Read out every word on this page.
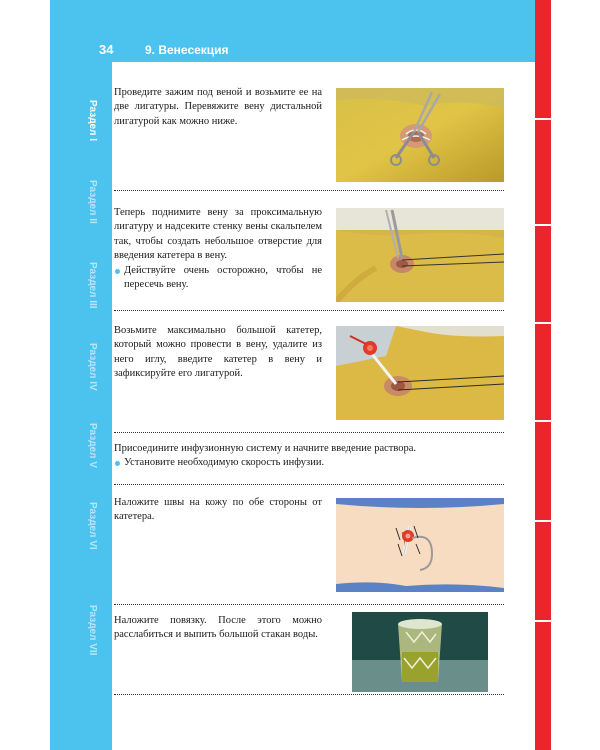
34	9. Венесекция
Раздел I
Раздел II
Раздел III
Раздел IV
Раздел V
Раздел VI
Раздел VII

Проведите зажим под веной и возьмите ее на две лигатуры. Перевяжите вену дистальной лигатурой как можно ниже.

Теперь поднимите вену за проксимальную лигатуру и надсеките стенку вены скальпелем так, чтобы создать небольшое отверстие для введения катетера в вену.

Действуйте очень осторожно, чтобы не пересечь вену.

Возьмите максимально большой катетер, который можно провести в вену, удалите из него иглу, введите катетер в вену и зафиксируйте его лигатурой.

Присоедините инфузионную систему и начните введение раствора.

Установите необходимую скорость инфузии.

Наложите швы на кожу по обе стороны от катетера.

Наложите повязку. После этого можно расслабиться и выпить большой стакан воды.
